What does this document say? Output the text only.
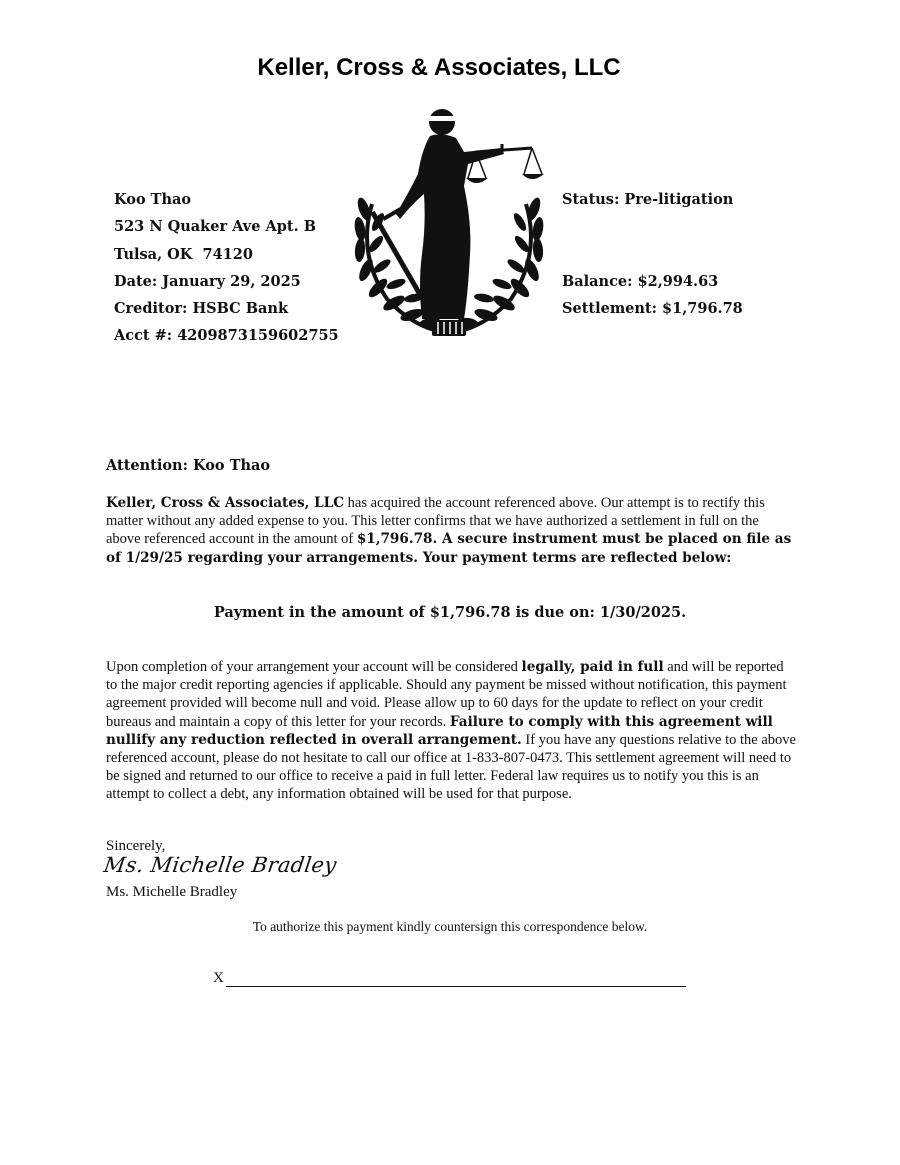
Keller, Cross & Associates, LLC
Koo Thao
523 N Quaker Ave Apt. B
Tulsa, OK  74120
Date: January 29, 2025
Creditor: HSBC Bank
Acct #: 4209873159602755
Status: Pre-litigation
Balance: $2,994.63
Settlement: $1,796.78
Attention: Koo Thao
Keller, Cross & Associates, LLC has acquired the account referenced above. Our attempt is to rectify this matter without any added expense to you. This letter confirms that we have authorized a settlement in full on the above referenced account in the amount of $1,796.78. A secure instrument must be placed on file as of 1/29/25 regarding your arrangements. Your payment terms are reflected below:
Payment in the amount of $1,796.78 is due on: 1/30/2025.
Upon completion of your arrangement your account will be considered legally, paid in full and will be reported to the major credit reporting agencies if applicable. Should any payment be missed without notification, this payment agreement provided will become null and void. Please allow up to 60 days for the update to reflect on your credit bureaus and maintain a copy of this letter for your records. Failure to comply with this agreement will nullify any reduction reflected in overall arrangement. If you have any questions relative to the above referenced account, please do not hesitate to call our office at 1-833-807-0473. This settlement agreement will need to be signed and returned to our office to receive a paid in full letter. Federal law requires us to notify you this is an attempt to collect a debt, any information obtained will be used for that purpose.
Sincerely,
Ms. Michelle Bradley
Ms. Michelle Bradley
To authorize this payment kindly countersign this correspondence below.
X
